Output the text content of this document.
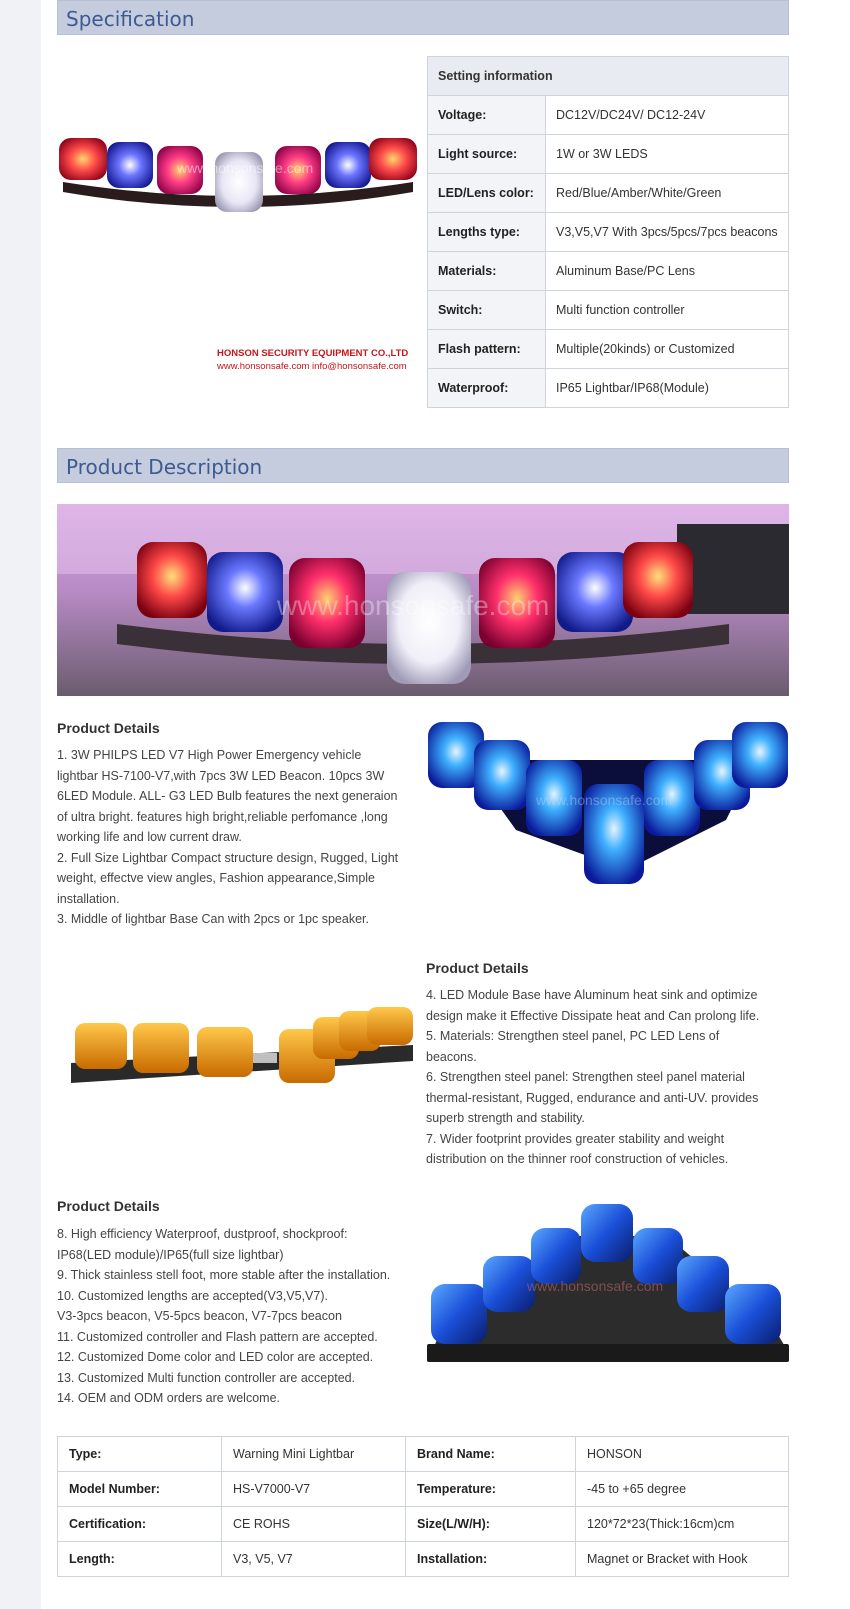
Specification
www.honsonsafe.com
HONSON SECURITY EQUIPMENT CO.,LTD
www.honsonsafe.com info@honsonsafe.com
Setting information	
Voltage:	DC12V/DC24V/ DC12-24V
Light source:	1W or 3W LEDS
LED/Lens color:	Red/Blue/Amber/White/Green
Lengths type:	V3,V5,V7 With 3pcs/5pcs/7pcs beacons
Materials:	Aluminum Base/PC Lens
Switch:	Multi function controller
Flash pattern:	Multiple(20kinds) or Customized
Waterproof:	IP65 Lightbar/IP68(Module)
Product Description
www.honsonsafe.com
Product Details
1. 3W PHILPS LED V7 High Power Emergency vehicle
lightbar HS-7100-V7,with 7pcs 3W LED Beacon. 10pcs 3W
6LED Module. ALL- G3 LED Bulb features the next generaion
of ultra bright. features high bright,reliable perfomance ,long
working life and low current draw.
2. Full Size Lightbar Compact structure design, Rugged, Light
weight, effectve view angles, Fashion appearance,Simple
installation.
3. Middle of lightbar Base Can with 2pcs or 1pc speaker.
www.honsonsafe.com
Product Details
4. LED Module Base have Aluminum heat sink and optimize
design make it Effective Dissipate heat and Can prolong life.
5. Materials: Strengthen steel panel, PC LED Lens of
beacons.
6. Strengthen steel panel: Strengthen steel panel material
thermal-resistant, Rugged, endurance and anti-UV. provides
superb strength and stability.
7. Wider footprint provides greater stability and weight
distribution on the thinner roof construction of vehicles.
Product Details
8. High efficiency Waterproof, dustproof, shockproof:
IP68(LED module)/IP65(full size lightbar)
9. Thick stainless stell foot, more stable after the installation.
10. Customized lengths are accepted(V3,V5,V7).
V3-3pcs beacon, V5-5pcs beacon, V7-7pcs beacon
11. Customized controller and Flash pattern are accepted.
12. Customized Dome color and LED color are accepted.
13. Customized Multi function controller are accepted.
14. OEM and ODM orders are welcome.
www.honsonsafe.com
Type:	Warning Mini Lightbar	Brand Name:	HONSON
Model Number:	HS-V7000-V7	Temperature:	-45 to +65 degree
Certification:	CE ROHS	Size(L/W/H):	120*72*23(Thick:16cm)cm
Length:	V3, V5, V7	Installation:	Magnet or Bracket with Hook
